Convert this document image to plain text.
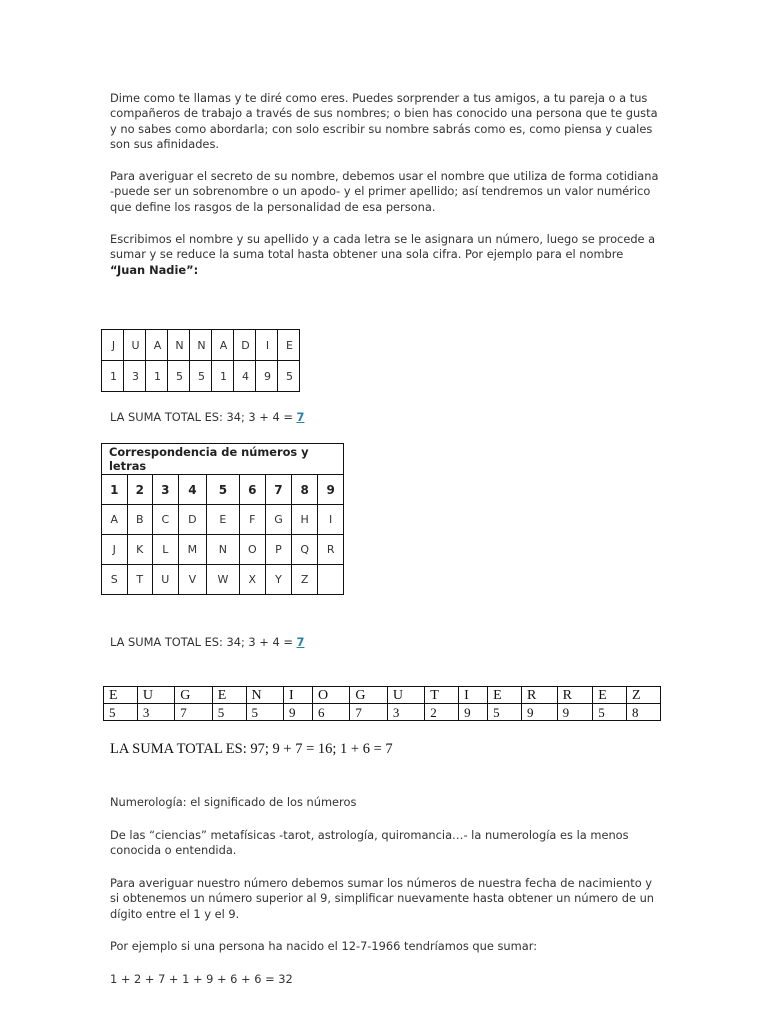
Dime como te llamas y te diré como eres. Puedes sorprender a tus amigos, a tu pareja o a tus compañeros de trabajo a través de sus nombres; o bien has conocido una persona que te gusta y no sabes como abordarla; con solo escribir su nombre sabrás como es, como piensa y cuales son sus afinidades.

Para averiguar el secreto de su nombre, debemos usar el nombre que utiliza de forma cotidiana -puede ser un sobrenombre o un apodo- y el primer apellido; así tendremos un valor numérico que define los rasgos de la personalidad de esa persona.

Escribimos el nombre y su apellido y a cada letra se le asignara un número, luego se procede a sumar y se reduce la suma total hasta obtener una sola cifra. Por ejemplo para el nombre
“Juan Nadie”:

J	U	A	N	N	A	D	I	E
1	3	1	5	5	1	4	9	5

LA SUMA TOTAL ES: 34; 3 + 4 = 7

Correspondencia de números y letras								
1	2	3	4	5	6	7	8	9
A	B	C	D	E	F	G	H	I
J	K	L	M	N	O	P	Q	R
S	T	U	V	W	X	Y	Z	

LA SUMA TOTAL ES: 34; 3 + 4 = 7

E	U	G	E	N	I	O	G	U	T	I	E	R	R	E	Z
5	3	7	5	5	9	6	7	3	2	9	5	9	9	5	8

LA SUMA TOTAL ES: 97; 9 + 7 = 16; 1 + 6 = 7

Numerología: el significado de los números

De las “ciencias” metafísicas -tarot, astrología, quiromancia…- la numerología es la menos conocida o entendida.

Para averiguar nuestro número debemos sumar los números de nuestra fecha de nacimiento y si obtenemos un número superior al 9, simplificar nuevamente hasta obtener un número de un dígito entre el 1 y el 9.

Por ejemplo si una persona ha nacido el 12-7-1966 tendríamos que sumar:

1 + 2 + 7 + 1 + 9 + 6 + 6 = 32
